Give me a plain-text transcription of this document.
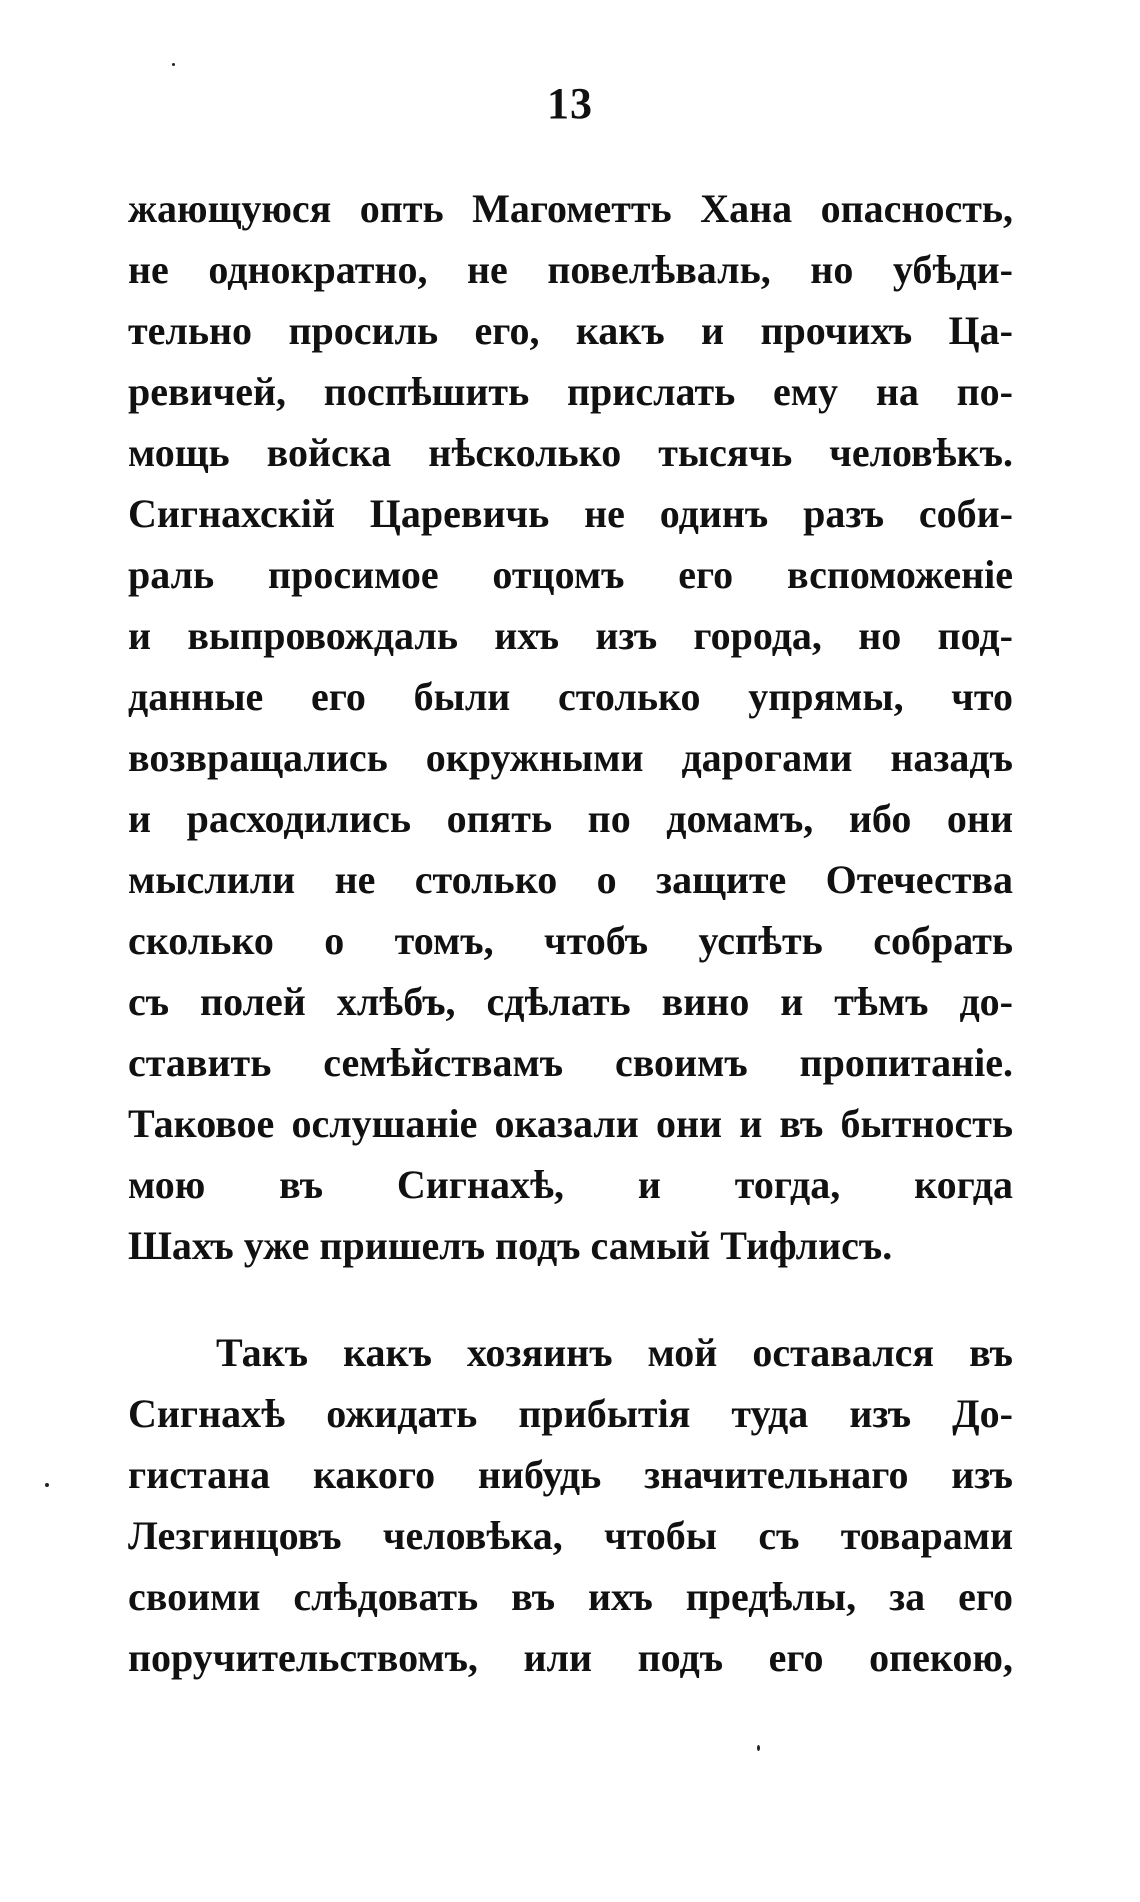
13
жающуюся опть Магометть Хана опасность,
не однократно, не повелѣваль, но убѣди-
тельно просиль его, какъ и прочихъ Ца-
ревичей, поспѣшить прислать ему на по-
мощь войска нѣсколько тысячь человѣкъ.
Сигнахскій Царевичь не одинъ разъ соби-
раль просимое отцомъ его вспоможеніе
и выпровождаль ихъ изъ города, но под-
данные его были столько упрямы, что
возвращались окружными дарогами назадъ
и расходились опять по домамъ, ибо они
мыслили не столько о защите Отечества
сколько о томъ, чтобъ успѣть собрать
съ полей хлѣбъ, сдѣлать вино и тѣмъ до-
ставить семѣйствамъ своимъ пропитаніе.
Таковое ослушаніе оказали они и въ бытность
мою въ Сигнахѣ, и тогда, когда
Шахъ уже пришелъ подъ самый Тифлисъ.
Такъ какъ хозяинъ мой оставался въ
Сигнахѣ ожидать прибытія туда изъ До-
гистана какого нибудь значительнаго изъ
Лезгинцовъ человѣка, чтобы съ товарами
своими слѣдовать въ ихъ предѣлы, за его
поручительствомъ, или подъ его опекою,
